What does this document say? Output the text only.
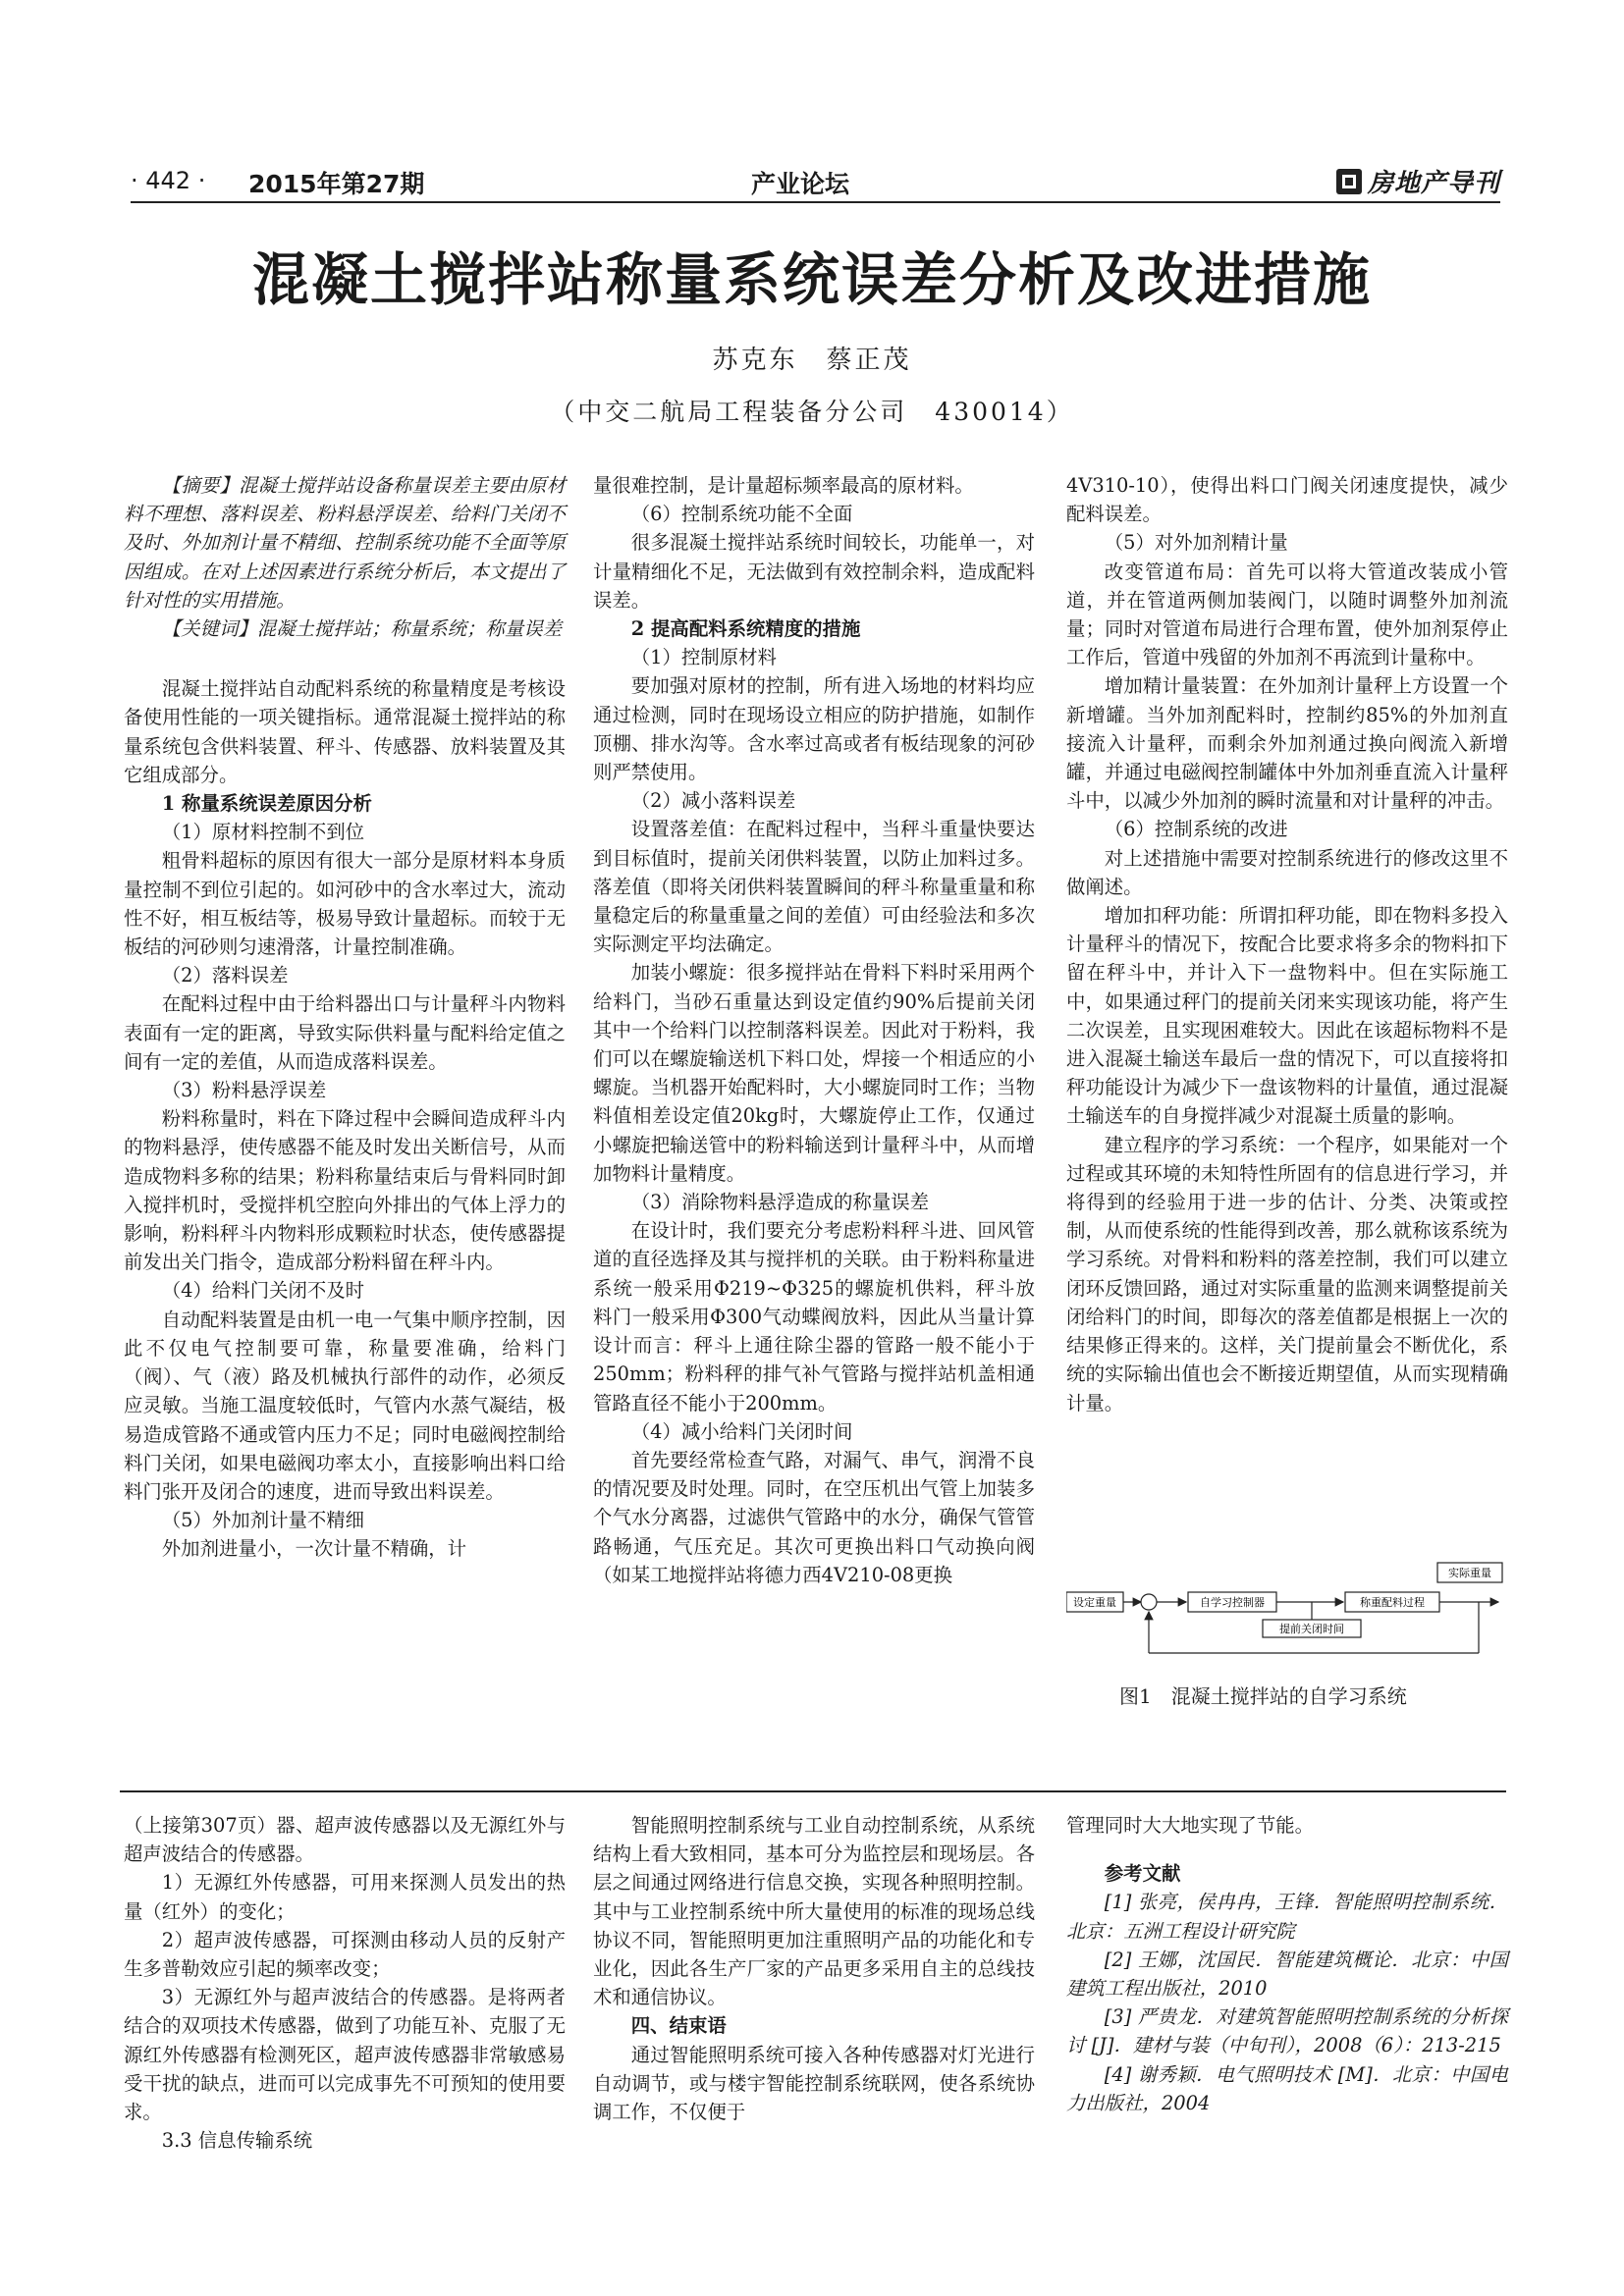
· 442 · 2015年第27期	产业论坛	房地产导刊
混凝土搅拌站称量系统误差分析及改进措施
苏克东　蔡正茂
（中交二航局工程装备分公司　430014）

【摘要】混凝土搅拌站设备称量误差主要由原材料不理想、落料误差、粉料悬浮误差、给料门关闭不及时、外加剂计量不精细、控制系统功能不全面等原因组成。在对上述因素进行系统分析后，本文提出了针对性的实用措施。

【关键词】混凝土搅拌站；称量系统；称量误差

混凝土搅拌站自动配料系统的称量精度是考核设备使用性能的一项关键指标。通常混凝土搅拌站的称量系统包含供料装置、秤斗、传感器、放料装置及其它组成部分。

1 称量系统误差原因分析

（1）原材料控制不到位

粗骨料超标的原因有很大一部分是原材料本身质量控制不到位引起的。如河砂中的含水率过大，流动性不好，相互板结等，极易导致计量超标。而较于无板结的河砂则匀速滑落，计量控制准确。

（2）落料误差

在配料过程中由于给料器出口与计量秤斗内物料表面有一定的距离，导致实际供料量与配料给定值之间有一定的差值，从而造成落料误差。

（3）粉料悬浮误差

粉料称量时，料在下降过程中会瞬间造成秤斗内的物料悬浮，使传感器不能及时发出关断信号，从而造成物料多称的结果；粉料称量结束后与骨料同时卸入搅拌机时，受搅拌机空腔向外排出的气体上浮力的影响，粉料秤斗内物料形成颗粒时状态，使传感器提前发出关门指令，造成部分粉料留在秤斗内。

（4）给料门关闭不及时

自动配料装置是由机一电一气集中顺序控制，因此不仅电气控制要可靠，称量要准确，给料门（阀）、气（液）路及机械执行部件的动作，必须反应灵敏。当施工温度较低时，气管内水蒸气凝结，极易造成管路不通或管内压力不足；同时电磁阀控制给料门关闭，如果电磁阀功率太小，直接影响出料口给料门张开及闭合的速度，进而导致出料误差。

（5）外加剂计量不精细

外加剂进量小，一次计量不精确，计

量很难控制，是计量超标频率最高的原材料。

（6）控制系统功能不全面

很多混凝土搅拌站系统时间较长，功能单一，对计量精细化不足，无法做到有效控制余料，造成配料误差。

2 提高配料系统精度的措施

（1）控制原材料

要加强对原材的控制，所有进入场地的材料均应通过检测，同时在现场设立相应的防护措施，如制作顶棚、排水沟等。含水率过高或者有板结现象的河砂则严禁使用。

（2）减小落料误差

设置落差值：在配料过程中，当秤斗重量快要达到目标值时，提前关闭供料装置，以防止加料过多。落差值（即将关闭供料装置瞬间的秤斗称量重量和称量稳定后的称量重量之间的差值）可由经验法和多次实际测定平均法确定。

加装小螺旋：很多搅拌站在骨料下料时采用两个给料门，当砂石重量达到设定值约90%后提前关闭其中一个给料门以控制落料误差。因此对于粉料，我们可以在螺旋输送机下料口处，焊接一个相适应的小螺旋。当机器开始配料时，大小螺旋同时工作；当物料值相差设定值20kg时，大螺旋停止工作，仅通过小螺旋把输送管中的粉料输送到计量秤斗中，从而增加物料计量精度。

（3）消除物料悬浮造成的称量误差

在设计时，我们要充分考虑粉料秤斗进、回风管道的直径选择及其与搅拌机的关联。由于粉料称量进系统一般采用Φ219~Φ325的螺旋机供料，秤斗放料门一般采用Φ300气动蝶阀放料，因此从当量计算设计而言：秤斗上通往除尘器的管路一般不能小于250mm；粉料秤的排气补气管路与搅拌站机盖相通管路直径不能小于200mm。

（4）减小给料门关闭时间

首先要经常检查气路，对漏气、串气，润滑不良的情况要及时处理。同时，在空压机出气管上加装多个气水分离器，过滤供气管路中的水分，确保气管管路畅通，气压充足。其次可更换出料口气动换向阀（如某工地搅拌站将德力西4V210-08更换

4V310-10），使得出料口门阀关闭速度提快，减少配料误差。

（5）对外加剂精计量

改变管道布局：首先可以将大管道改装成小管道，并在管道两侧加装阀门，以随时调整外加剂流量；同时对管道布局进行合理布置，使外加剂泵停止工作后，管道中残留的外加剂不再流到计量称中。

增加精计量装置：在外加剂计量秤上方设置一个新增罐。当外加剂配料时，控制约85%的外加剂直接流入计量秤，而剩余外加剂通过换向阀流入新增罐，并通过电磁阀控制罐体中外加剂垂直流入计量秤斗中，以减少外加剂的瞬时流量和对计量秤的冲击。

（6）控制系统的改进

对上述措施中需要对控制系统进行的修改这里不做阐述。

增加扣秤功能：所谓扣秤功能，即在物料多投入计量秤斗的情况下，按配合比要求将多余的物料扣下留在秤斗中，并计入下一盘物料中。但在实际施工中，如果通过秤门的提前关闭来实现该功能，将产生二次误差，且实现困难较大。因此在该超标物料不是进入混凝土输送车最后一盘的情况下，可以直接将扣秤功能设计为减少下一盘该物料的计量值，通过混凝土输送车的自身搅拌减少对混凝土质量的影响。

建立程序的学习系统：一个程序，如果能对一个过程或其环境的未知特性所固有的信息进行学习，并将得到的经验用于进一步的估计、分类、决策或控制，从而使系统的性能得到改善，那么就称该系统为学习系统。对骨料和粉料的落差控制，我们可以建立闭环反馈回路，通过对实际重量的监测来调整提前关闭给料门的时间，即每次的落差值都是根据上一次的结果修正得来的。这样，关门提前量会不断优化，系统的实际输出值也会不断接近期望值，从而实现精确计量。

设定重量	自学习控制器	称重配料过程
实际重量
提前关闭时间
图1　混凝土搅拌站的自学习系统

（上接第307页）器、超声波传感器以及无源红外与超声波结合的传感器。

1）无源红外传感器，可用来探测人员发出的热量（红外）的变化；

2）超声波传感器，可探测由移动人员的反射产生多普勒效应引起的频率改变；

3）无源红外与超声波结合的传感器。是将两者结合的双项技术传感器，做到了功能互补、克服了无源红外传感器有检测死区，超声波传感器非常敏感易受干扰的缺点，进而可以完成事先不可预知的使用要求。

3.3 信息传输系统

智能照明控制系统与工业自动控制系统，从系统结构上看大致相同，基本可分为监控层和现场层。各层之间通过网络进行信息交换，实现各种照明控制。其中与工业控制系统中所大量使用的标准的现场总线协议不同，智能照明更加注重照明产品的功能化和专业化，因此各生产厂家的产品更多采用自主的总线技术和通信协议。

四、结束语

通过智能照明系统可接入各种传感器对灯光进行自动调节，或与楼宇智能控制系统联网，使各系统协调工作，不仅便于

管理同时大大地实现了节能。

参考文献

[1] 张亮，侯冉冉，王锋．智能照明控制系统．北京：五洲工程设计研究院

[2] 王娜，沈国民．智能建筑概论．北京：中国建筑工程出版社，2010

[3] 严贵龙．对建筑智能照明控制系统的分析探讨 [J]．建材与装（中旬刊），2008（6）：213-215

[4] 谢秀颖．电气照明技术 [M]．北京：中国电力出版社，2004
